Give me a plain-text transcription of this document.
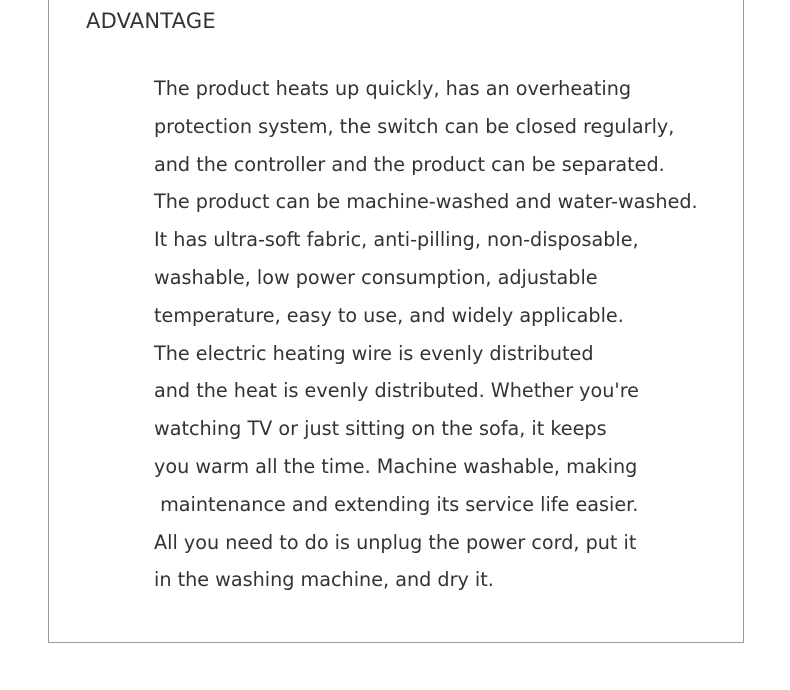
ADVANTAGE
The product heats up quickly, has an overheating
protection system, the switch can be closed regularly,
and the controller and the product can be separated.
The product can be machine-washed and water-washed.
It has ultra-soft fabric, anti-pilling, non-disposable,
washable, low power consumption, adjustable
temperature, easy to use, and widely applicable.
The electric heating wire is evenly distributed
and the heat is evenly distributed. Whether you're
watching TV or just sitting on the sofa, it keeps
you warm all the time. Machine washable, making
maintenance and extending its service life easier.
All you need to do is unplug the power cord, put it
in the washing machine, and dry it.
